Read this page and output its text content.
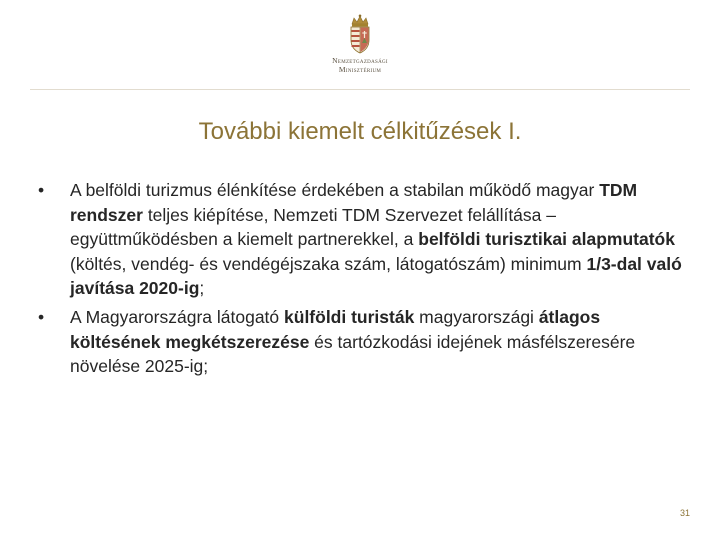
Nemzetgazdasági
Minisztérium
További kiemelt célkitűzések I.
•	A belföldi turizmus élénkítése érdekében a stabilan működő magyar TDM rendszer teljes kiépítése, Nemzeti TDM Szervezet felállítása – együttműködésben a kiemelt partnerekkel, a belföldi turisztikai alapmutatók (költés, vendég- és vendégéjszaka szám, látogatószám) minimum 1/3-dal való javítása 2020-ig;
•	A Magyarországra látogató külföldi turisták magyarországi átlagos költésének megkétszerezése és tartózkodási idejének másfélszeresére növelése 2025-ig;
31
